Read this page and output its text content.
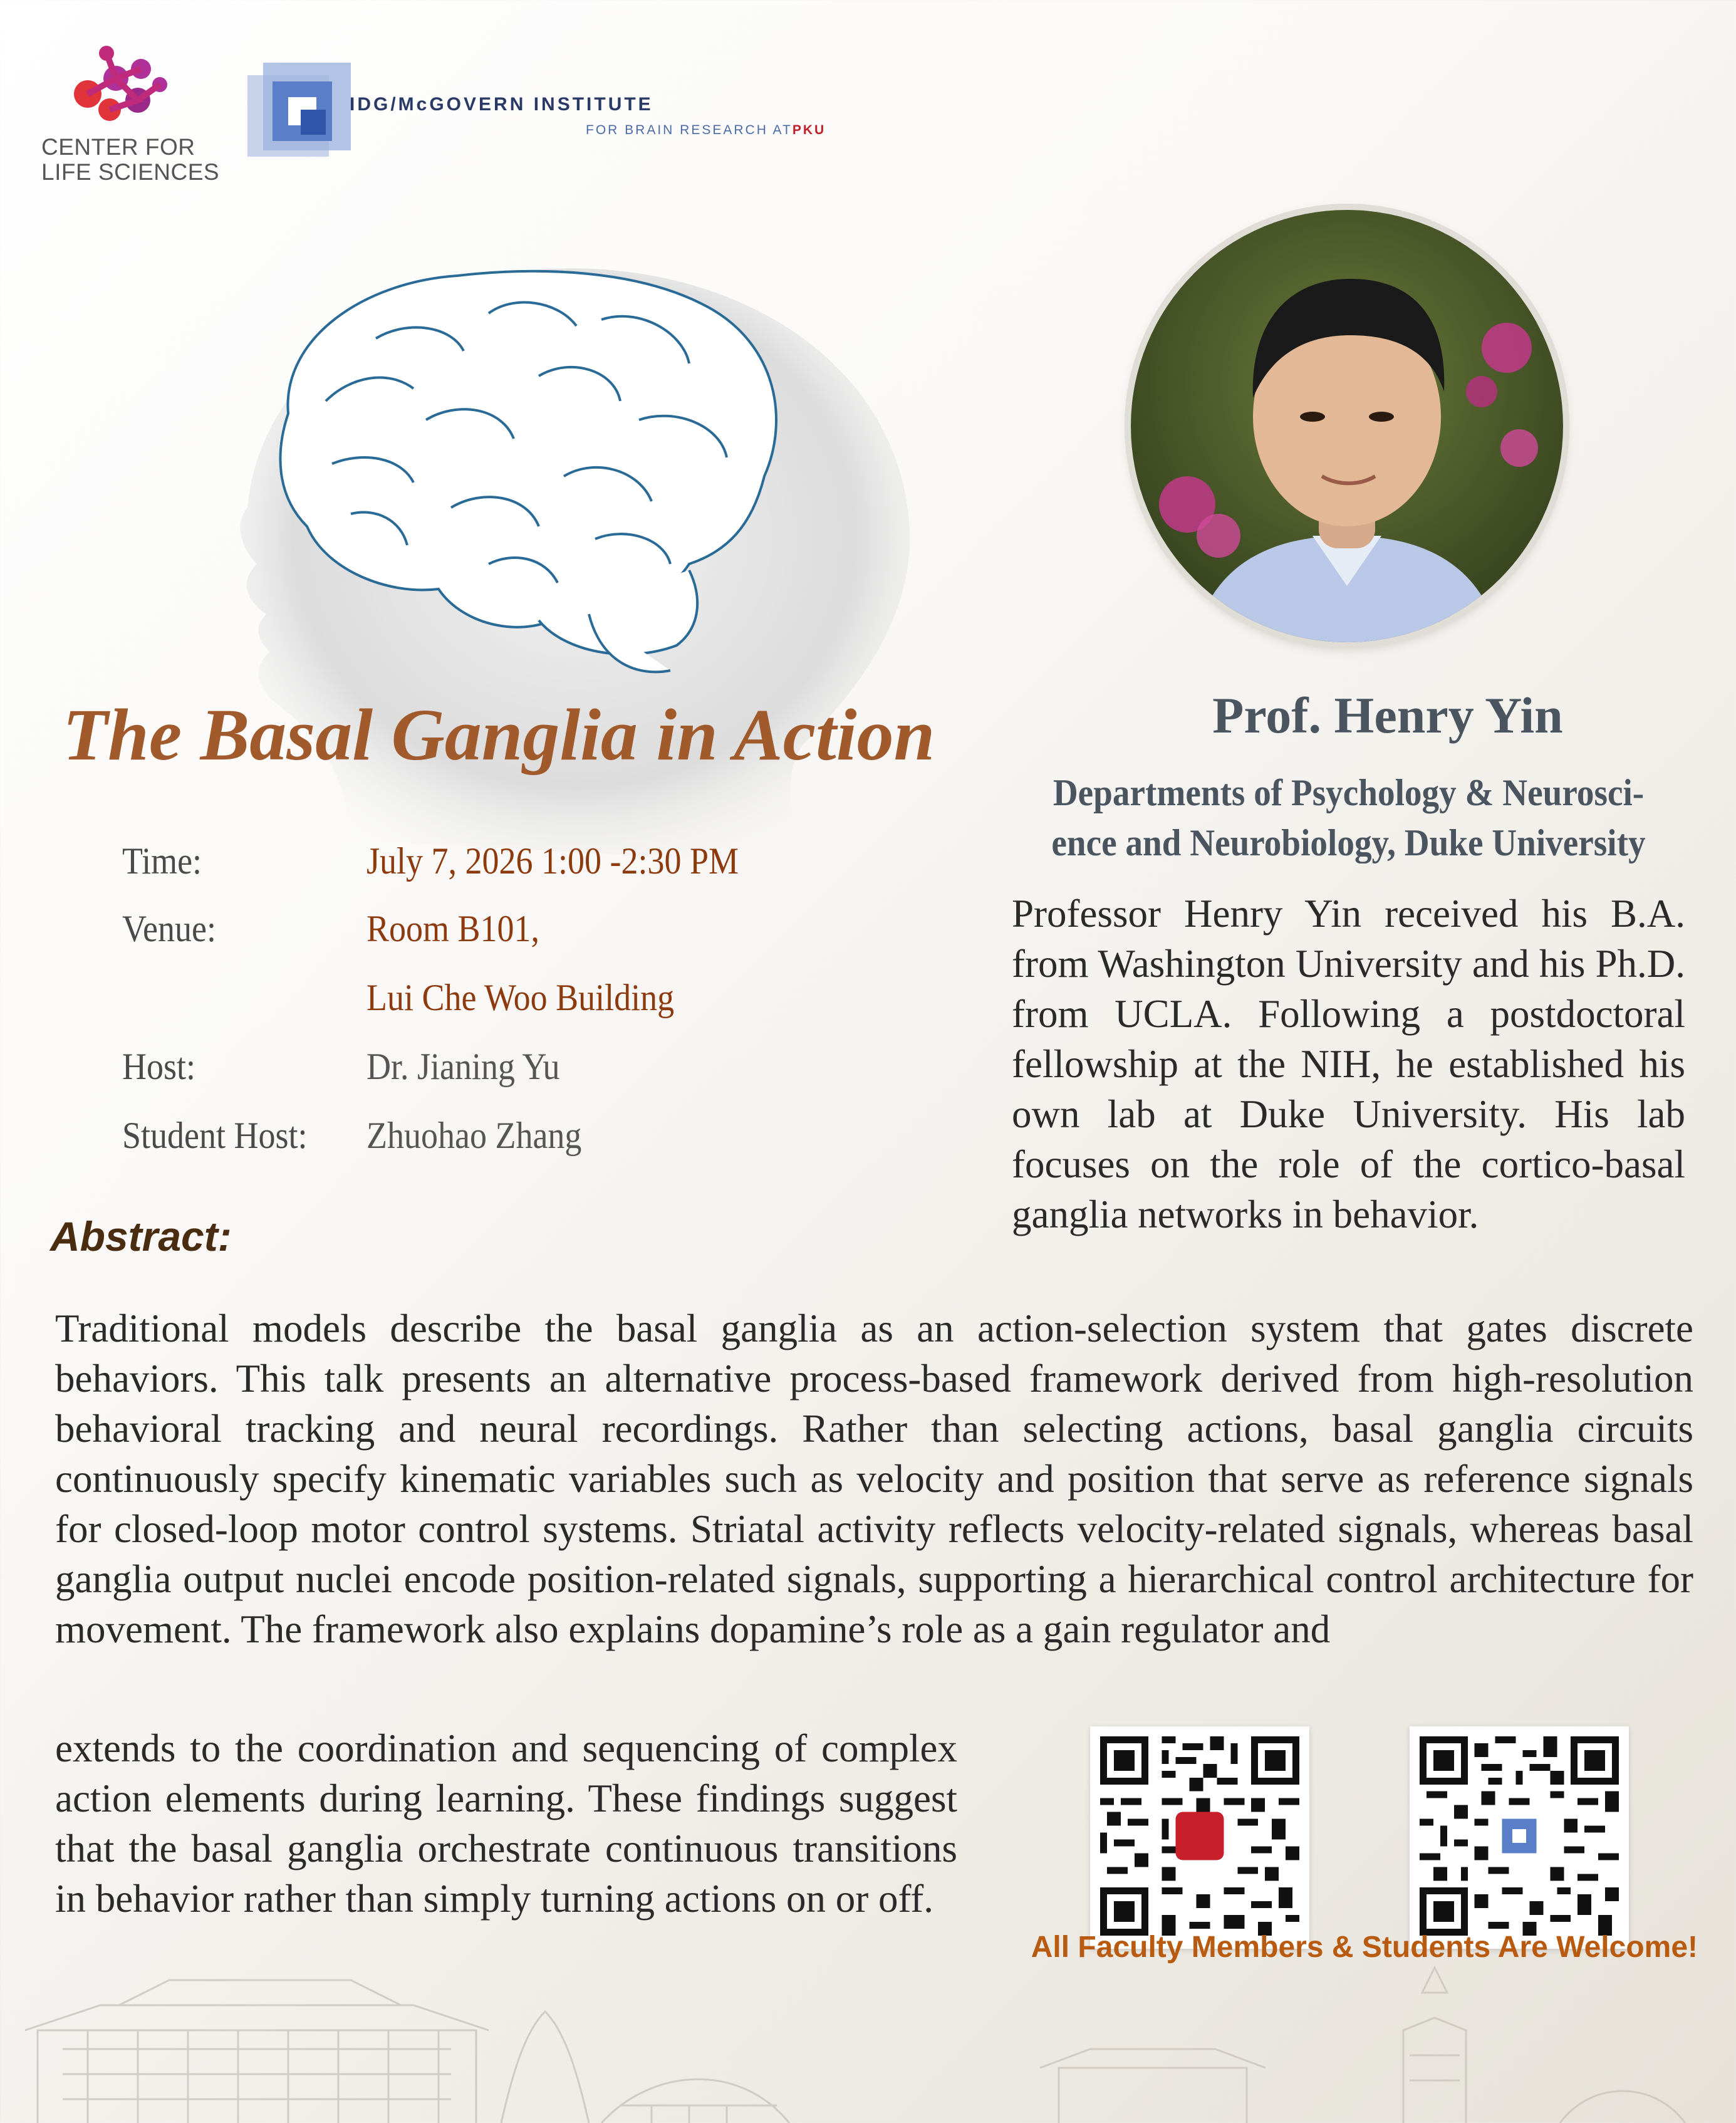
CENTER FOR
LIFE SCIENCES
IDG/McGOVERN INSTITUTE
FOR BRAIN RESEARCH ATPKU
The Basal Ganglia in Action
Time:	July 7, 2026 1:00 -2:30 PM
Venue:	Room B101,
Lui Che Woo Building
Host:	Dr. Jianing Yu
Student Host: Zhuohao Zhang
Prof. Henry Yin
Departments of Psychology & Neurosci-
ence and Neurobiology, Duke University
Professor Henry Yin received his B.A. from Washington University and his Ph.D. from UCLA. Following a postdoctoral fellowship at the NIH, he established his own lab at Duke University. His lab focuses on the role of the cortico-basal ganglia networks in behavior.
Abstract:
Traditional models describe the basal ganglia as an action-selection system that gates discrete behaviors. This talk presents an alternative process-based framework derived from high-resolution behavioral tracking and neural recordings. Rather than selecting actions, basal ganglia circuits continuously specify kinematic variables such as velocity and position that serve as reference signals for closed-loop motor control systems. Striatal activity reflects velocity-related signals, whereas basal ganglia output nuclei encode position-related signals, supporting a hierarchical control architecture for movement. The framework also explains dopamine’s role as a gain regulator and
extends to the coordination and sequencing of complex action elements during learning. These findings suggest that the basal ganglia orchestrate continuous transitions in behavior rather than simply turning actions on or off.
All Faculty Members & Students Are Welcome!
